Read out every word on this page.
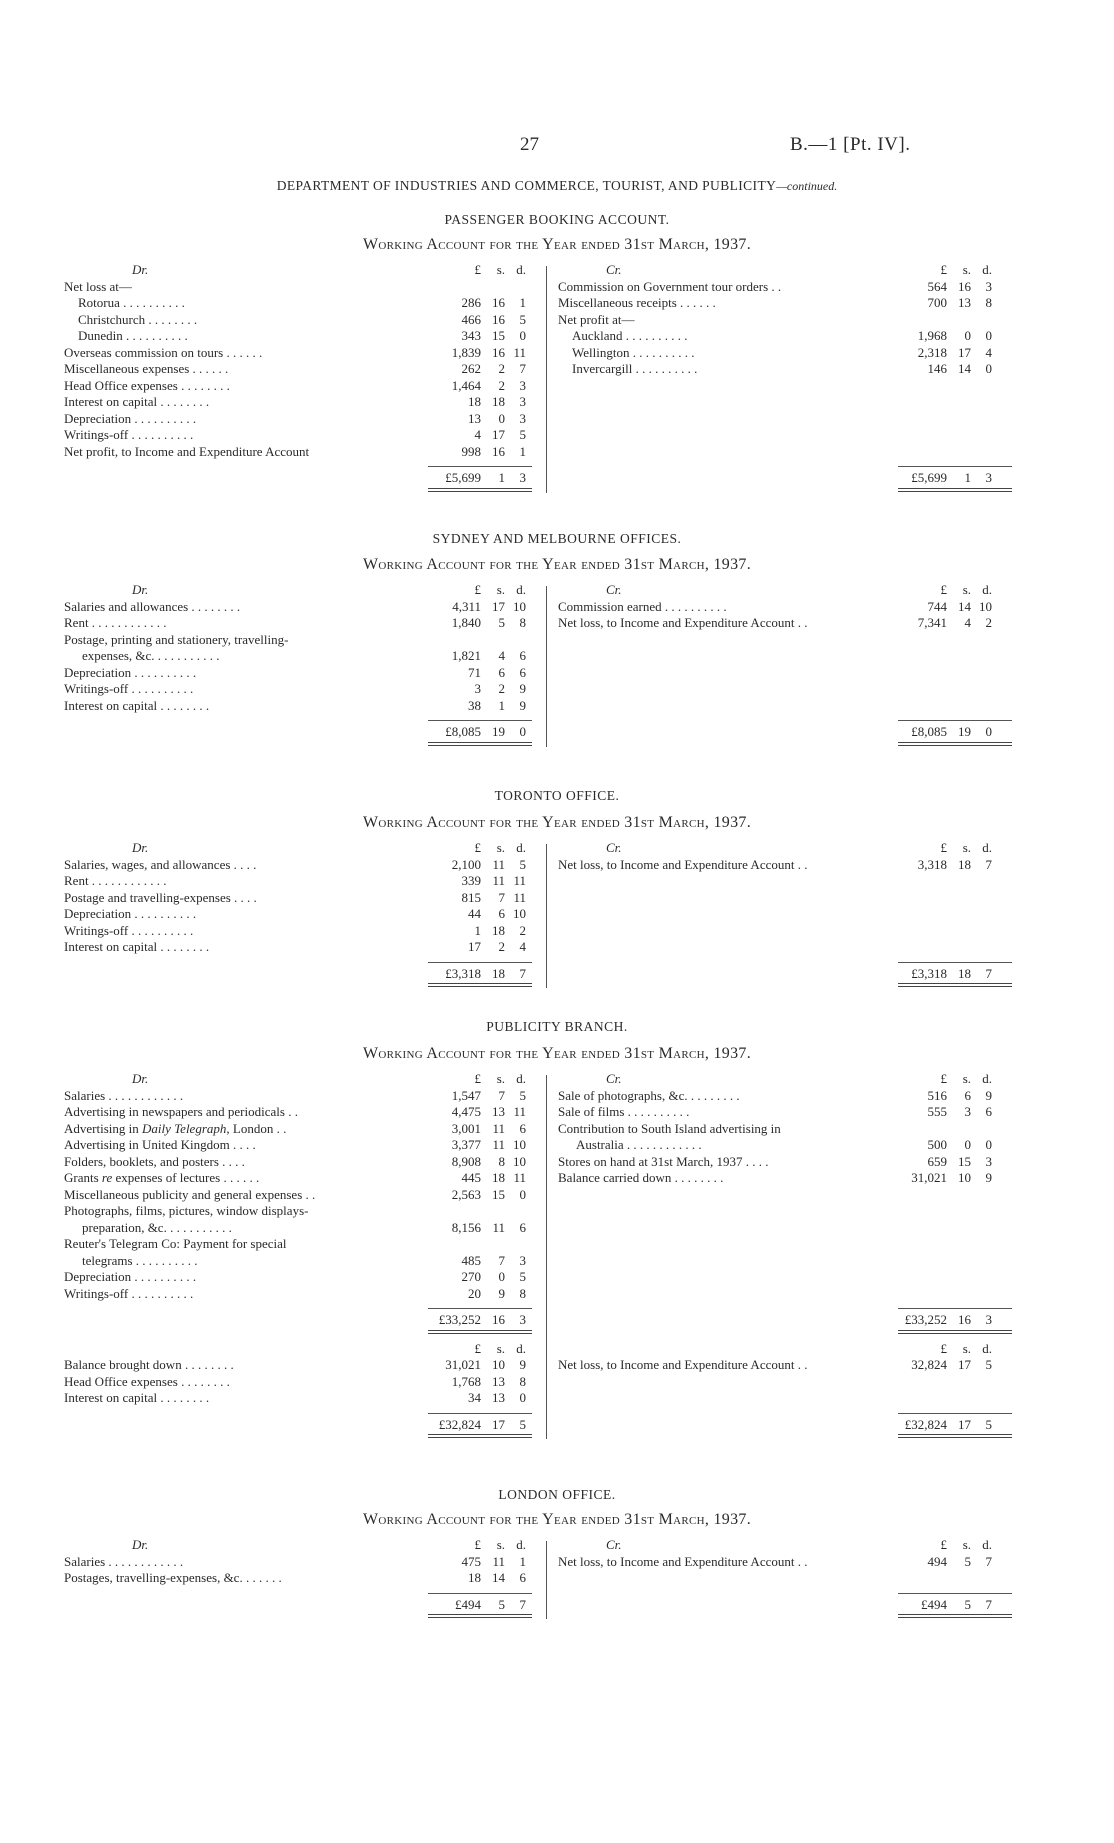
27	B.—1 [Pt. IV].
DEPARTMENT OF INDUSTRIES AND COMMERCE, TOURIST, AND PUBLICITY—continued.
PASSENGER BOOKING ACCOUNT.
Working Account for the Year ended 31st March, 1937.
Dr.	£	s. d.
Net loss at—
Rotorua . . . . . . . . . .	286 16	1
Christchurch . . . . . . . .	466 16	5
Dunedin . . . . . . . . . .	343 15	0
Overseas commission on tours . . . . . .	1,839 16 11
Miscellaneous expenses . . . . . .	262	2	7
Head Office expenses . . . . . . . .	1,464	2	3
Interest on capital . . . . . . . .	18 18	3
Depreciation . . . . . . . . . .	13	0	3
Writings-off . . . . . . . . . .	4 17	5
Net profit, to Income and Expenditure Account	998 16	1
£5,699	1	3
Cr.	£	s. d.
Commission on Government tour orders . .	564 16	3
Miscellaneous receipts . . . . . .	700 13	8
Net profit at—
Auckland . . . . . . . . . .	1,968	0	0
Wellington . . . . . . . . . .	2,318 17	4
Invercargill . . . . . . . . . .	146 14	0
£5,699	1	3
SYDNEY AND MELBOURNE OFFICES.
Working Account for the Year ended 31st March, 1937.
Dr.	£	s. d.
Salaries and allowances . . . . . . . .	4,311 17 10
Rent . . . . . . . . . . . .	1,840	5	8
Postage, printing and stationery, travelling-
expenses, &c. . . . . . . . . . .	1,821	4	6
Depreciation . . . . . . . . . .	71	6	6
Writings-off . . . . . . . . . .	3	2	9
Interest on capital . . . . . . . .	38	1	9
£8,085 19	0
Cr.	£	s. d.
Commission earned . . . . . . . . . .	744 14 10
Net loss, to Income and Expenditure Account . .	7,341	4	2
£8,085 19	0
TORONTO OFFICE.
Working Account for the Year ended 31st March, 1937.
Dr.	£	s. d.
Salaries, wages, and allowances . . . .	2,100 11	5
Rent . . . . . . . . . . . .	339 11 11
Postage and travelling-expenses . . . .	815	7 11
Depreciation . . . . . . . . . .	44	6 10
Writings-off . . . . . . . . . .	1 18	2
Interest on capital . . . . . . . .	17	2	4
£3,318 18	7
Cr.	£	s. d.
Net loss, to Income and Expenditure Account . .	3,318 18	7
£3,318 18	7
PUBLICITY BRANCH.
Working Account for the Year ended 31st March, 1937.
Dr.	£	s. d.
Salaries . . . . . . . . . . . .	1,547	7	5
Advertising in newspapers and periodicals . .	4,475 13 11
Advertising in Daily Telegraph, London . .	3,001 11	6
Advertising in United Kingdom . . . .	3,377 11 10
Folders, booklets, and posters . . . .	8,908	8 10
Grants re expenses of lectures . . . . . .	445 18 11
Miscellaneous publicity and general expenses . .	2,563 15	0
Photographs, films, pictures, window displays-
preparation, &c. . . . . . . . . . .	8,156 11	6
Reuter's Telegram Co: Payment for special
telegrams . . . . . . . . . .	485	7	3
Depreciation . . . . . . . . . .	270	0	5
Writings-off . . . . . . . . . .	20	9	8
£33,252 16	3
Cr.	£	s. d.
Sale of photographs, &c. . . . . . . . .	516	6	9
Sale of films . . . . . . . . . .	555	3	6
Contribution to South Island advertising in
Australia . . . . . . . . . . . .	500	0	0
Stores on hand at 31st March, 1937 . . . .	659 15	3
Balance carried down . . . . . . . .	31,021 10	9
£33,252 16	3
£	s. d.
Balance brought down . . . . . . . .	31,021 10	9
Head Office expenses . . . . . . . .	1,768 13	8
Interest on capital . . . . . . . .	34 13	0
£32,824 17	5
£	s. d.
Net loss, to Income and Expenditure Account . .	32,824 17	5
£32,824 17	5
LONDON OFFICE.
Working Account for the Year ended 31st March, 1937.
Dr.	£	s. d.
Salaries . . . . . . . . . . . .	475 11	1
Postages, travelling-expenses, &c. . . . . . .	18 14	6
£494	5	7
Cr.	£	s. d.
Net loss, to Income and Expenditure Account . .	494	5	7
£494	5	7
